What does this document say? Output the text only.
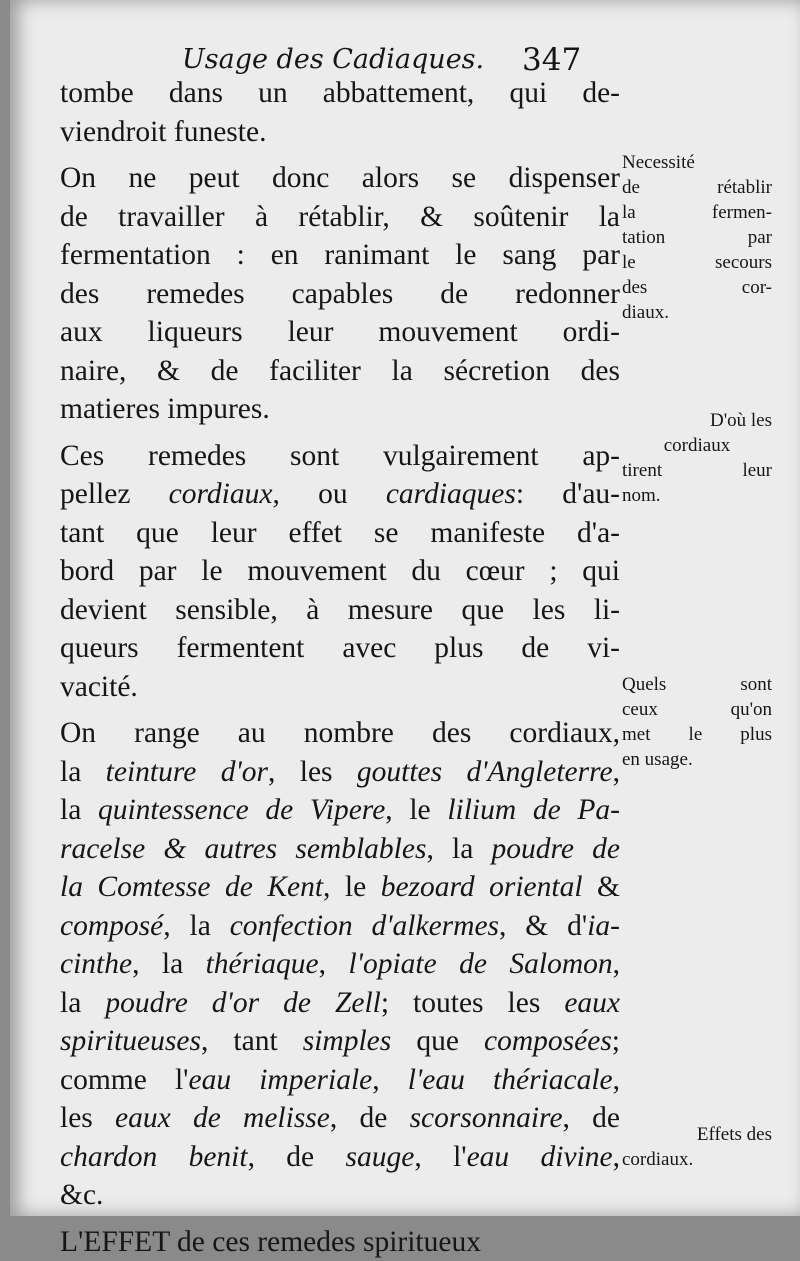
Usage des Cadiaques. 347

tombe dans un abbattement, qui de-

viendroit funeste.

On ne peut donc alors se dispenser

de travailler à rétablir, & soûtenir la

fermentation : en ranimant le sang par

des remedes capables de redonner

aux liqueurs leur mouvement ordi-

naire, & de faciliter la sécretion des

matieres impures.

Ces remedes sont vulgairement ap-

pellez cordiaux, ou cardiaques: d'au-

tant que leur effet se manifeste d'a-

bord par le mouvement du cœur ; qui

devient sensible, à mesure que les li-

queurs fermentent avec plus de vi-

vacité.

On range au nombre des cordiaux,

la teinture d'or, les gouttes d'Angleterre,

la quintessence de Vipere, le lilium de Pa-

racelse & autres semblables, la poudre de

la Comtesse de Kent, le bezoard oriental &

composé, la confection d'alkermes, & d'ia-

cinthe, la thériaque, l'opiate de Salomon,

la poudre d'or de Zell; toutes les eaux

spiritueuses, tant simples que composées;

comme l'eau imperiale, l'eau thériacale,

les eaux de melisse, de scorsonnaire, de

chardon benit, de sauge, l'eau divine,

&c.

L'EFFET de ces remedes spiritueux

Necessité
de rétablir
la fermen-
tation par
le secours
des cor-
diaux.
D'où les
cordiaux
tirent leur
nom.
Quels sont
ceux qu'on
met le plus
en usage.
Effets des
cordiaux.
